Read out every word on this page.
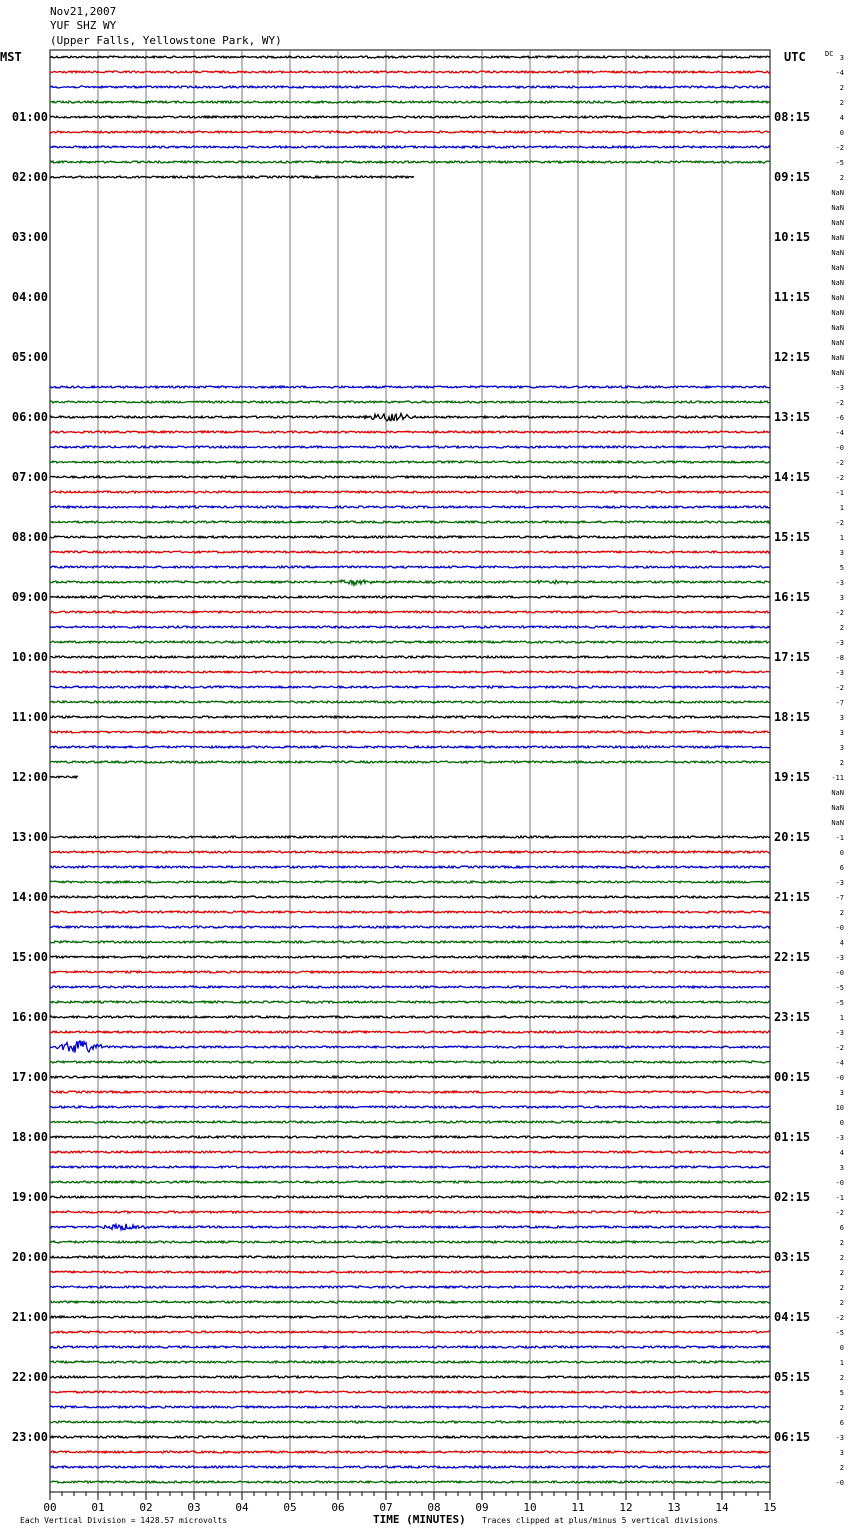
Nov21,2007
YUF SHZ WY
(Upper Falls, Yellowstone Park, WY)
00	01	02	03	04	05	06	07	08	09	10	11	12	13	14	15
MST	UTC	DC
01:00
02:00
03:00
04:00
05:00
06:00
07:00
08:00
09:00
10:00
11:00
12:00
13:00
14:00
15:00
16:00
17:00
18:00
19:00
20:00
21:00
22:00
23:00
08:15
09:15
10:15
11:15
12:15
13:15
14:15
15:15
16:15
17:15
18:15
19:15
20:15
21:15
22:15
23:15
00:15
01:15
02:15
03:15
04:15
05:15
06:15
3
-4
2
2
4
0
-2
-5
2
NaN
NaN
NaN
NaN
NaN
NaN
NaN
NaN
NaN
NaN
NaN
NaN
NaN
-3
-2
-6
-4
-0
-2
-2
-1
1
-2
1
3
5
-3
3
-2
2
-3
-8
-3
-2
-7
3
3
3
2
-11
NaN
NaN
NaN
-1
0
6
-3
-7
2
-0
4
-3
-0
-5
-5
1
-3
-2
-4
-0
3
10
0
-3
4
3
-0
-1
-2
6
2
2
2
2
2
-2
-5
0
1
2
5
2
6
-3
3
2
-0
Each Vertical Division = 1428.57 microvolts	TIME (MINUTES) Traces clipped at plus/minus 5 vertical divisions
